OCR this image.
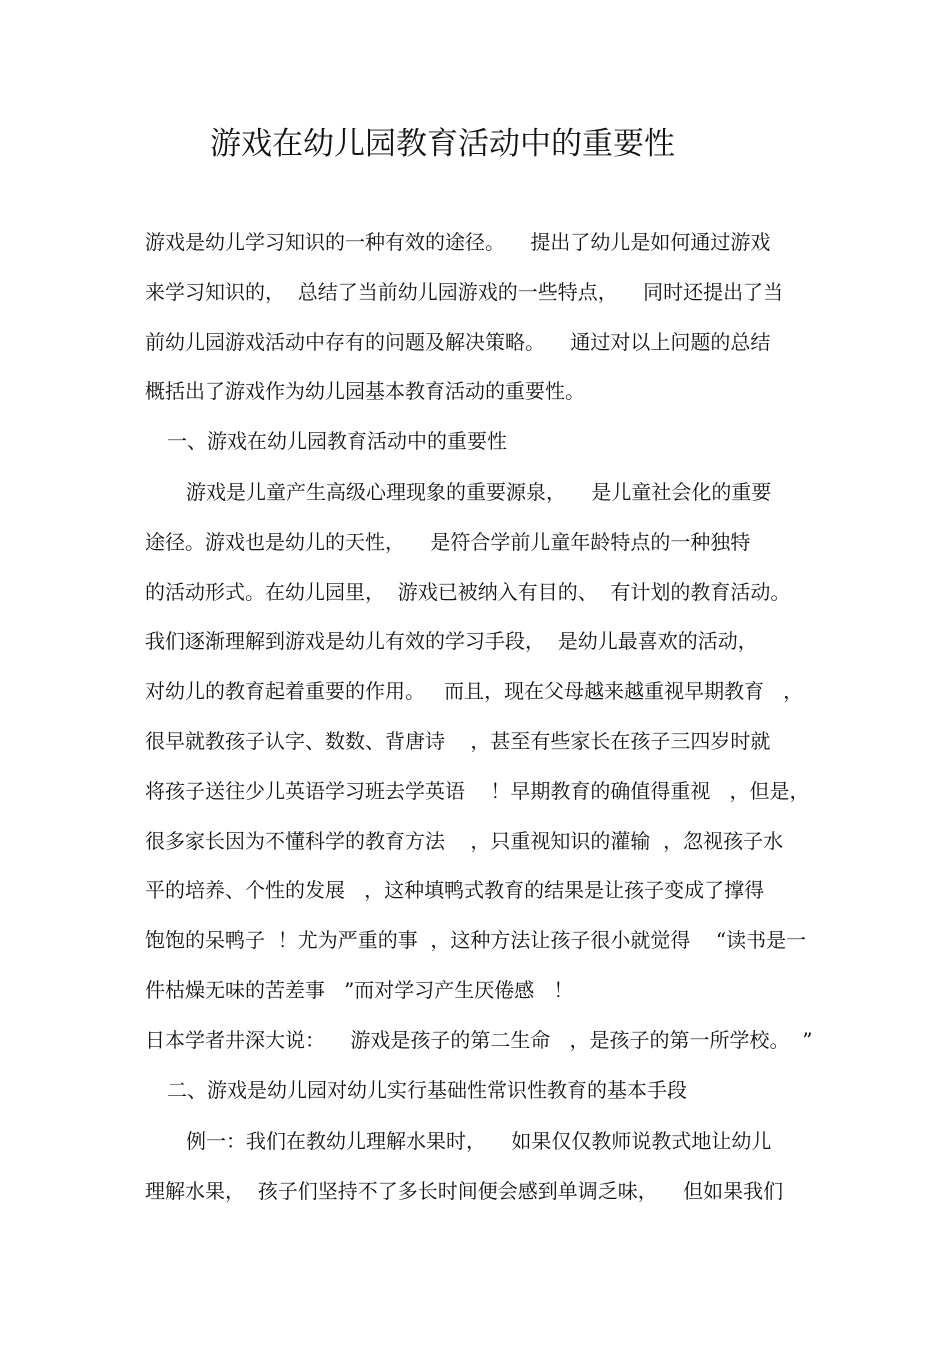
游戏在幼儿园教育活动中的重要性
游戏是幼儿学习知识的一种有效的途径。    提出了幼儿是如何通过游戏
来学习知识的，  总结了当前幼儿园游戏的一些特点，    同时还提出了当
前幼儿园游戏活动中存有的问题及解决策略。    通过对以上问题的总结
概括出了游戏作为幼儿园基本教育活动的重要性。
一、游戏在幼儿园教育活动中的重要性
游戏是儿童产生高级心理现象的重要源泉，    是儿童社会化的重要
途径。游戏也是幼儿的天性，    是符合学前儿童年龄特点的一种独特
的活动形式。在幼儿园里，  游戏已被纳入有目的、  有计划的教育活动。
我们逐渐理解到游戏是幼儿有效的学习手段，  是幼儿最喜欢的活动，
对幼儿的教育起着重要的作用。   而且，现在父母越来越重视早期教育   ，
很早就教孩子认字、数数、背唐诗    ，甚至有些家长在孩子三四岁时就
将孩子送往少儿英语学习班去学英语    ！早期教育的确值得重视   ，但是，
很多家长因为不懂科学的教育方法    ，只重视知识的灌输  ，忽视孩子水
平的培养、个性的发展   ，这种填鸭式教育的结果是让孩子变成了撑得
饱饱的呆鸭子  ！尤为严重的事  ，这种方法让孩子很小就觉得    “读书是一
件枯燥无味的苦差事   ”而对学习产生厌倦感   ！
日本学者井深大说：    游戏是孩子的第二生命   ，是孩子的第一所学校。  ”
二、游戏是幼儿园对幼儿实行基础性常识性教育的基本手段
例一：我们在教幼儿理解水果时，    如果仅仅教师说教式地让幼儿
理解水果，  孩子们坚持不了多长时间便会感到单调乏味，    但如果我们
